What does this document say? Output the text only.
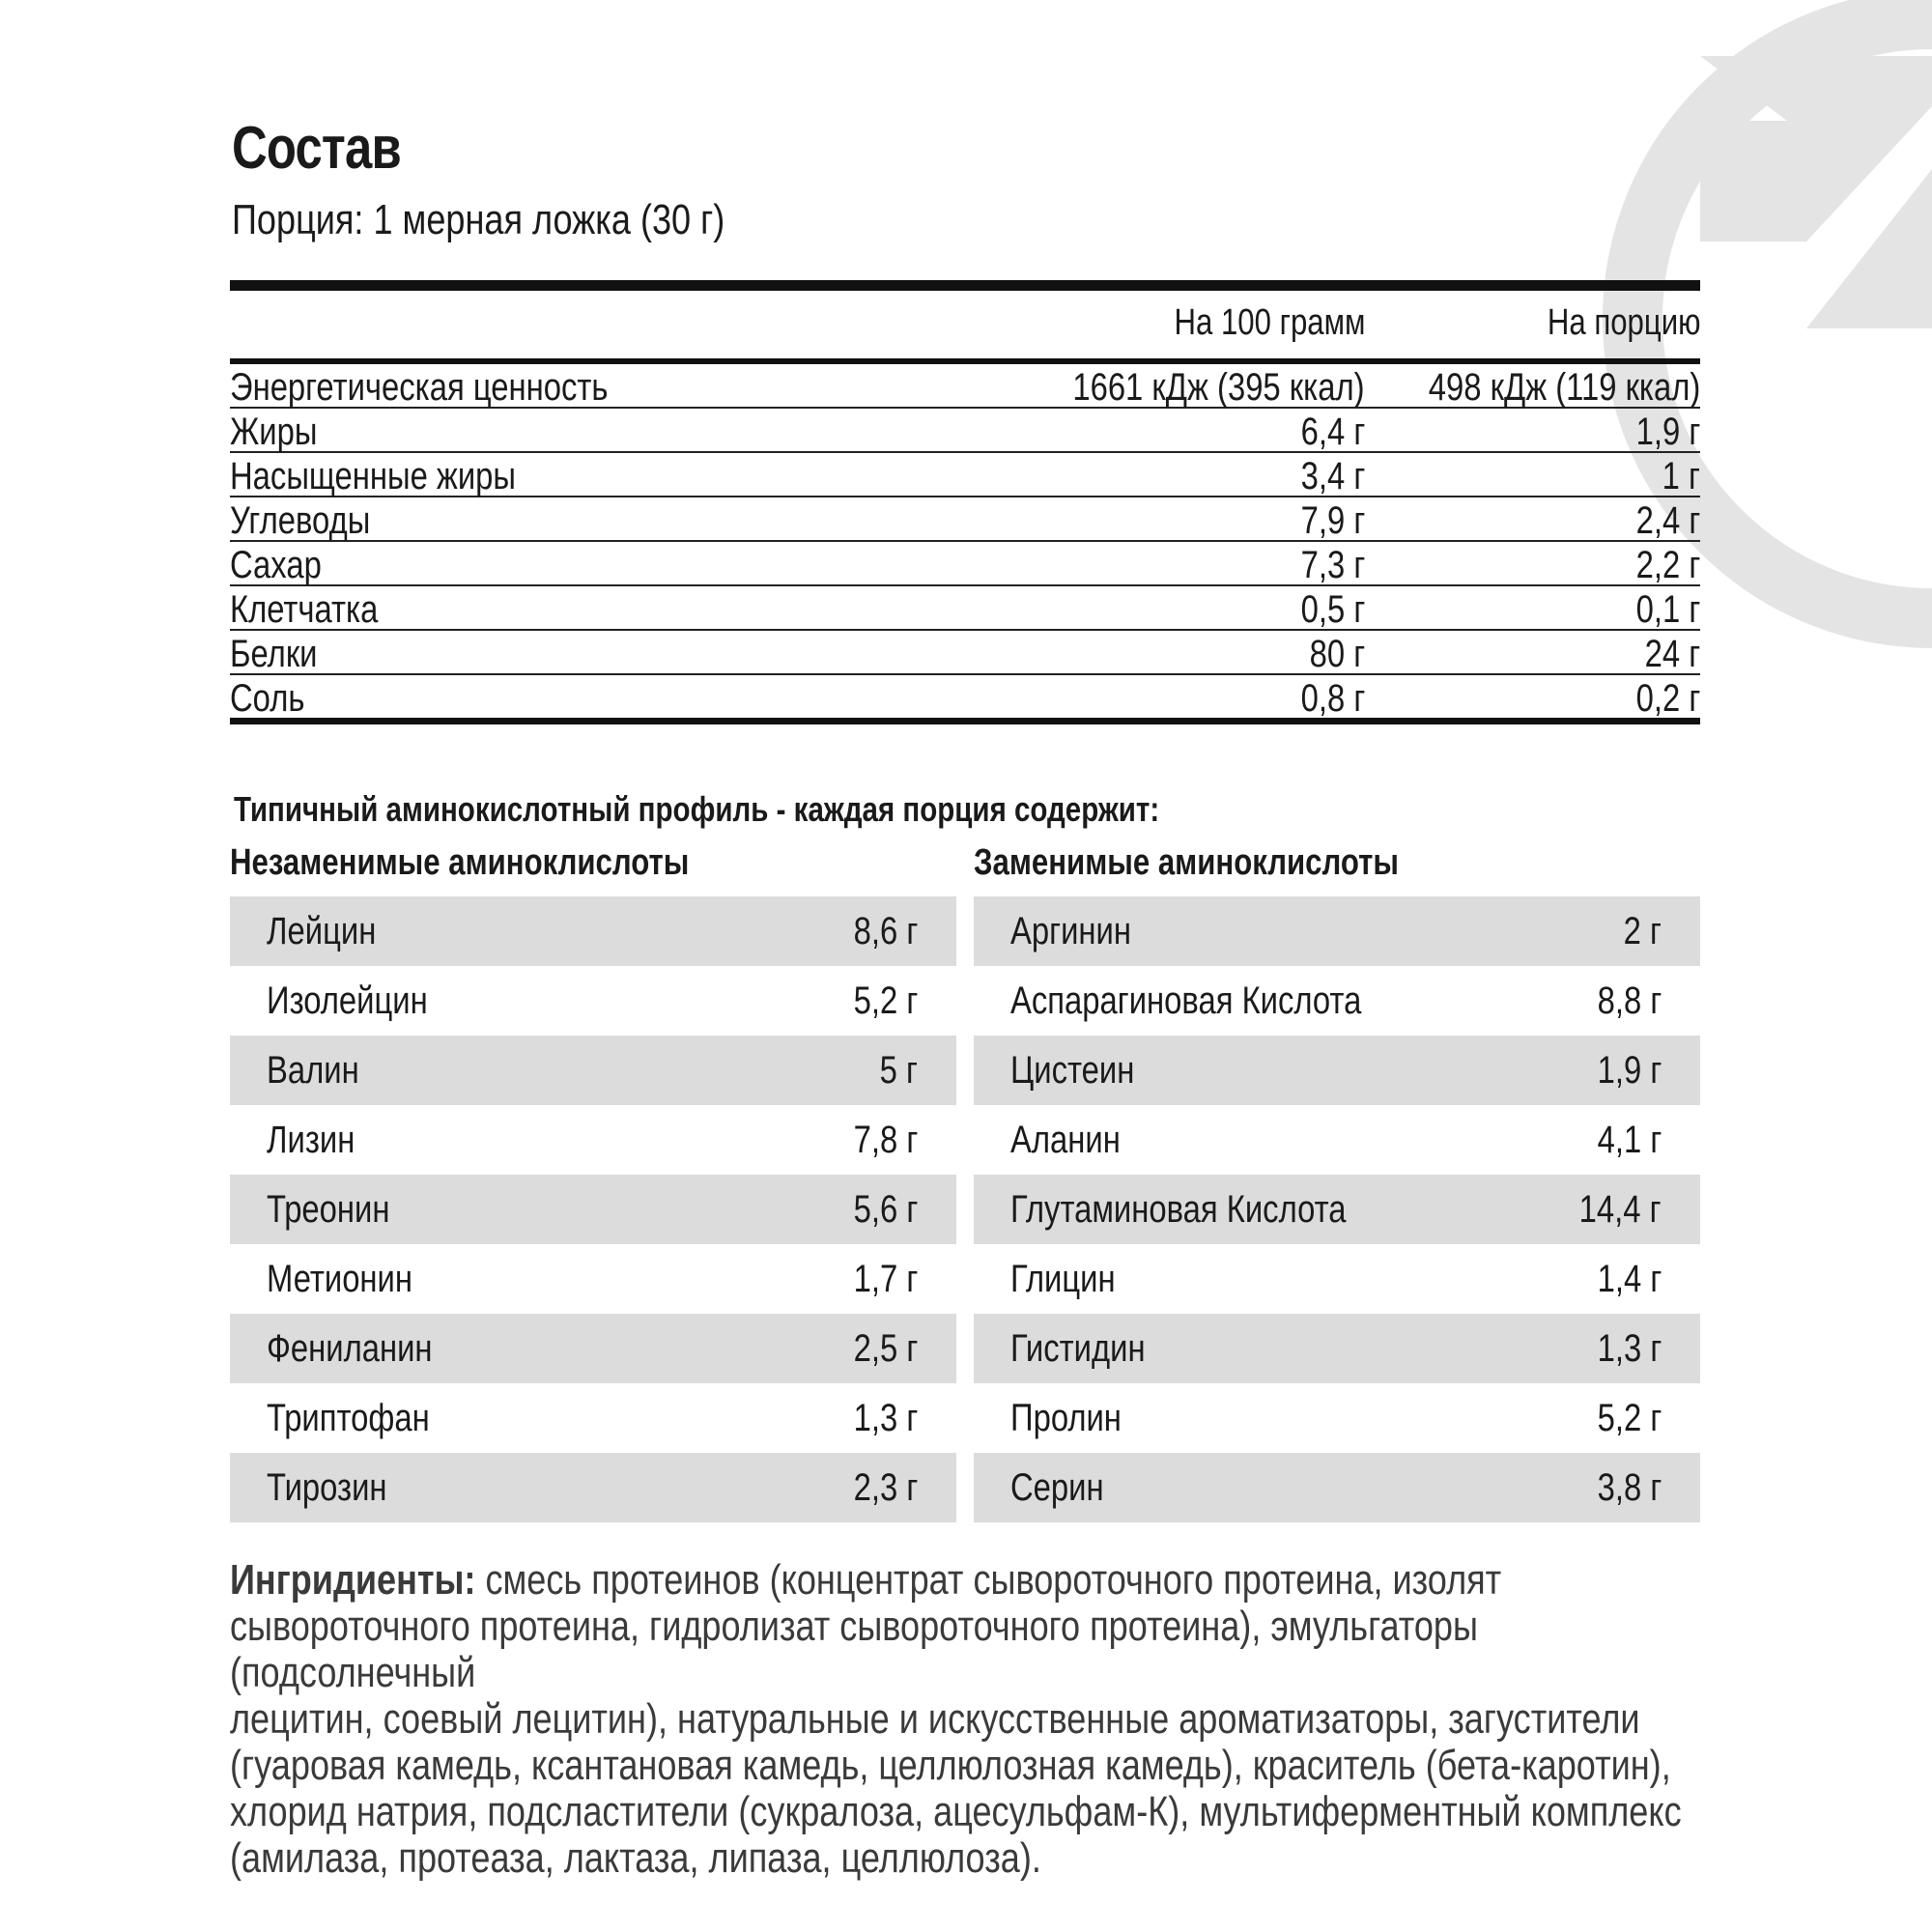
Состав
Порция: 1 мерная ложка (30 г)
На 100 грамм	На порцию
Энергетическая ценность	1661 кДж (395 ккал) 498 кДж (119 ккал)
Жиры	6,4 г	1,9 г
Насыщенные жиры	3,4 г	1 г
Углеводы	7,9 г	2,4 г
Сахар	7,3 г	2,2 г
Клетчатка	0,5 г	0,1 г
Белки	80 г	24 г
Соль	0,8 г	0,2 г
Типичный аминокислотный профиль - каждая порция содержит:
Незаменимые аминоклислоты
Лейцин	8,6 г
Изолейцин	5,2 г
Валин	5 г
Лизин	7,8 г
Треонин	5,6 г
Метионин	1,7 г
Фениланин	2,5 г
Триптофан	1,3 г
Тирозин	2,3 г
Заменимые аминоклислоты
Аргинин	2 г
Аспарагиновая Кислота	8,8 г
Цистеин	1,9 г
Аланин	4,1 г
Глутаминовая Кислота	14,4 г
Глицин	1,4 г
Гистидин	1,3 г
Пролин	5,2 г
Серин	3,8 г
Ингридиенты: смесь протеинов (концентрат сывороточного протеина, изолят
сывороточного протеина, гидролизат сывороточного протеина), эмульгаторы (подсолнечный
лецитин, соевый лецитин), натуральные и искусственные ароматизаторы, загустители
(гуаровая камедь, ксантановая камедь, целлюлозная камедь), краситель (бета-каротин),
хлорид натрия, подсластители (сукралоза, ацесульфам-К), мультиферментный комплекс
(амилаза, протеаза, лактаза, липаза, целлюлоза).
